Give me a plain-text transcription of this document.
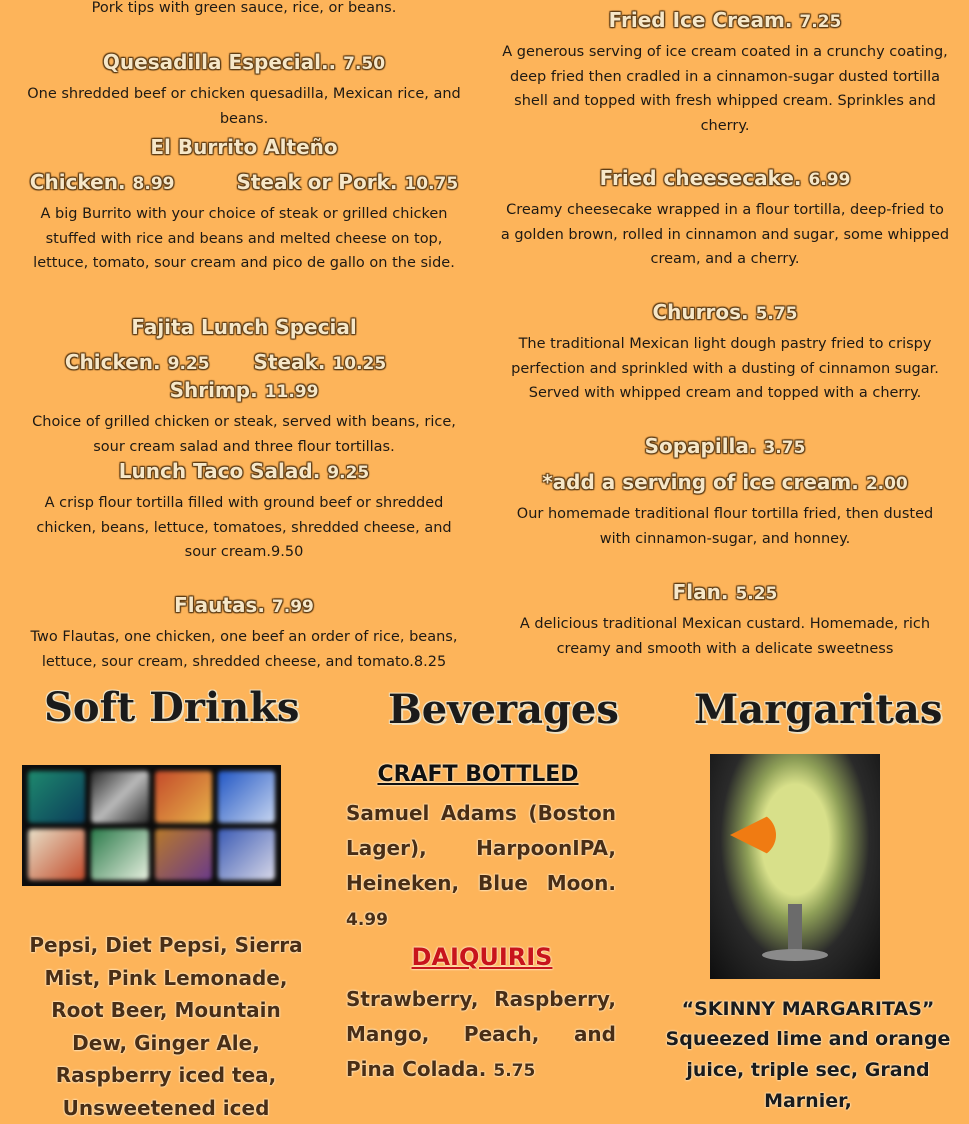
Pork tips with green sauce, rice, or beans.

Quesadilla Especial.. 7.50

One shredded beef or chicken quesadilla, Mexican rice, and beans.

El Burrito Alteño

Chicken. 8.99	Steak or Pork. 10.75

A big Burrito with your choice of steak or grilled chicken stuffed with rice and beans and melted cheese on top, lettuce, tomato, sour cream and pico de gallo on the side.

Fajita Lunch Special

Chicken. 9.25 Steak. 10.25  Shrimp. 11.99

Choice of grilled chicken or steak, served with beans, rice, sour cream salad and three flour tortillas.

Lunch Taco Salad. 9.25

A crisp flour tortilla filled with ground beef or shredded chicken, beans, lettuce, tomatoes, shredded cheese, and sour cream.9.50

Flautas. 7.99

Two Flautas, one chicken, one beef an order of rice, beans, lettuce, sour cream, shredded cheese, and tomato.8.25

Fried Ice Cream. 7.25

A generous serving of ice cream coated in a crunchy coating, deep fried then cradled in a cinnamon-sugar dusted tortilla shell and topped with fresh whipped cream. Sprinkles and cherry.

Fried cheesecake. 6.99

Creamy cheesecake wrapped in a flour tortilla, deep-fried to a golden brown, rolled in cinnamon and sugar, some whipped cream, and a cherry.

Churros. 5.75

The traditional Mexican light dough pastry fried to crispy perfection and sprinkled with a dusting of cinnamon sugar. Served with whipped cream and topped with a cherry.

Sopapilla. 3.75

*add a serving of ice cream. 2.00

Our homemade traditional flour tortilla fried, then dusted with cinnamon-sugar, and honney.

Flan. 5.25

A delicious traditional Mexican custard. Homemade, rich creamy and smooth with a delicate sweetness

Soft Drinks Beverages Margaritas

Pepsi, Diet Pepsi, Sierra Mist, Pink Lemonade, Root Beer, Mountain Dew, Ginger Ale, Raspberry iced tea, Unsweetened iced

CRAFT BOTTLED

Samuel Adams (Boston Lager), HarpoonIPA, Heineken, Blue Moon. 4.99

DAIQUIRIS

Strawberry, Raspberry, Mango, Peach, and Pina Colada. 5.75

“SKINNY MARGARITAS”

Squeezed lime and orange juice, triple sec, Grand Marnier,
